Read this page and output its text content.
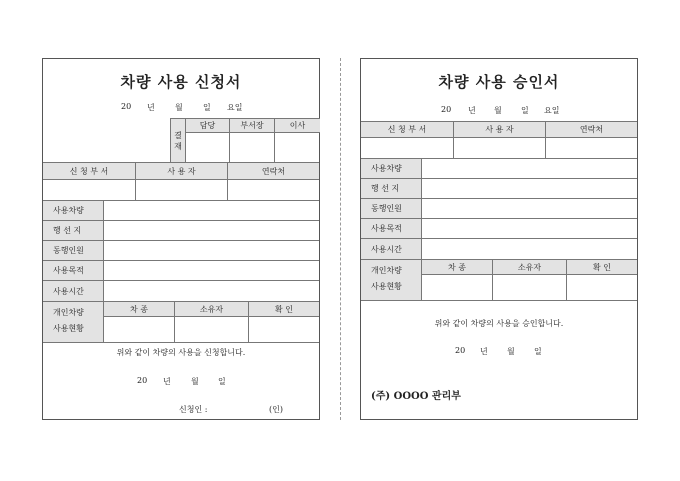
차량 사용 신청서
20 년	월	일 요일
결재
담당	부서장	이사
신 청 부 서	사 용 자	연락처
사용차량
행 선 지
동행인원
사용목적
사용시간
개인차량
사용현황
차 종	소유자	확 인
위와 같이 차량의 사용을 신청합니다.
20 년	월 일
신청인 :	(인)
차량 사용 승인서
20 년 월 일 요일
신 청 부 서	사 용 자	연락처
사용차량
행 선 지
동행인원
사용목적
사용시간
개인차량
사용현황
차 종	소유자	확 인
위와 같이 차량의 사용을 승인합니다.
20 년 월 일
(주) OOOO 관리부
